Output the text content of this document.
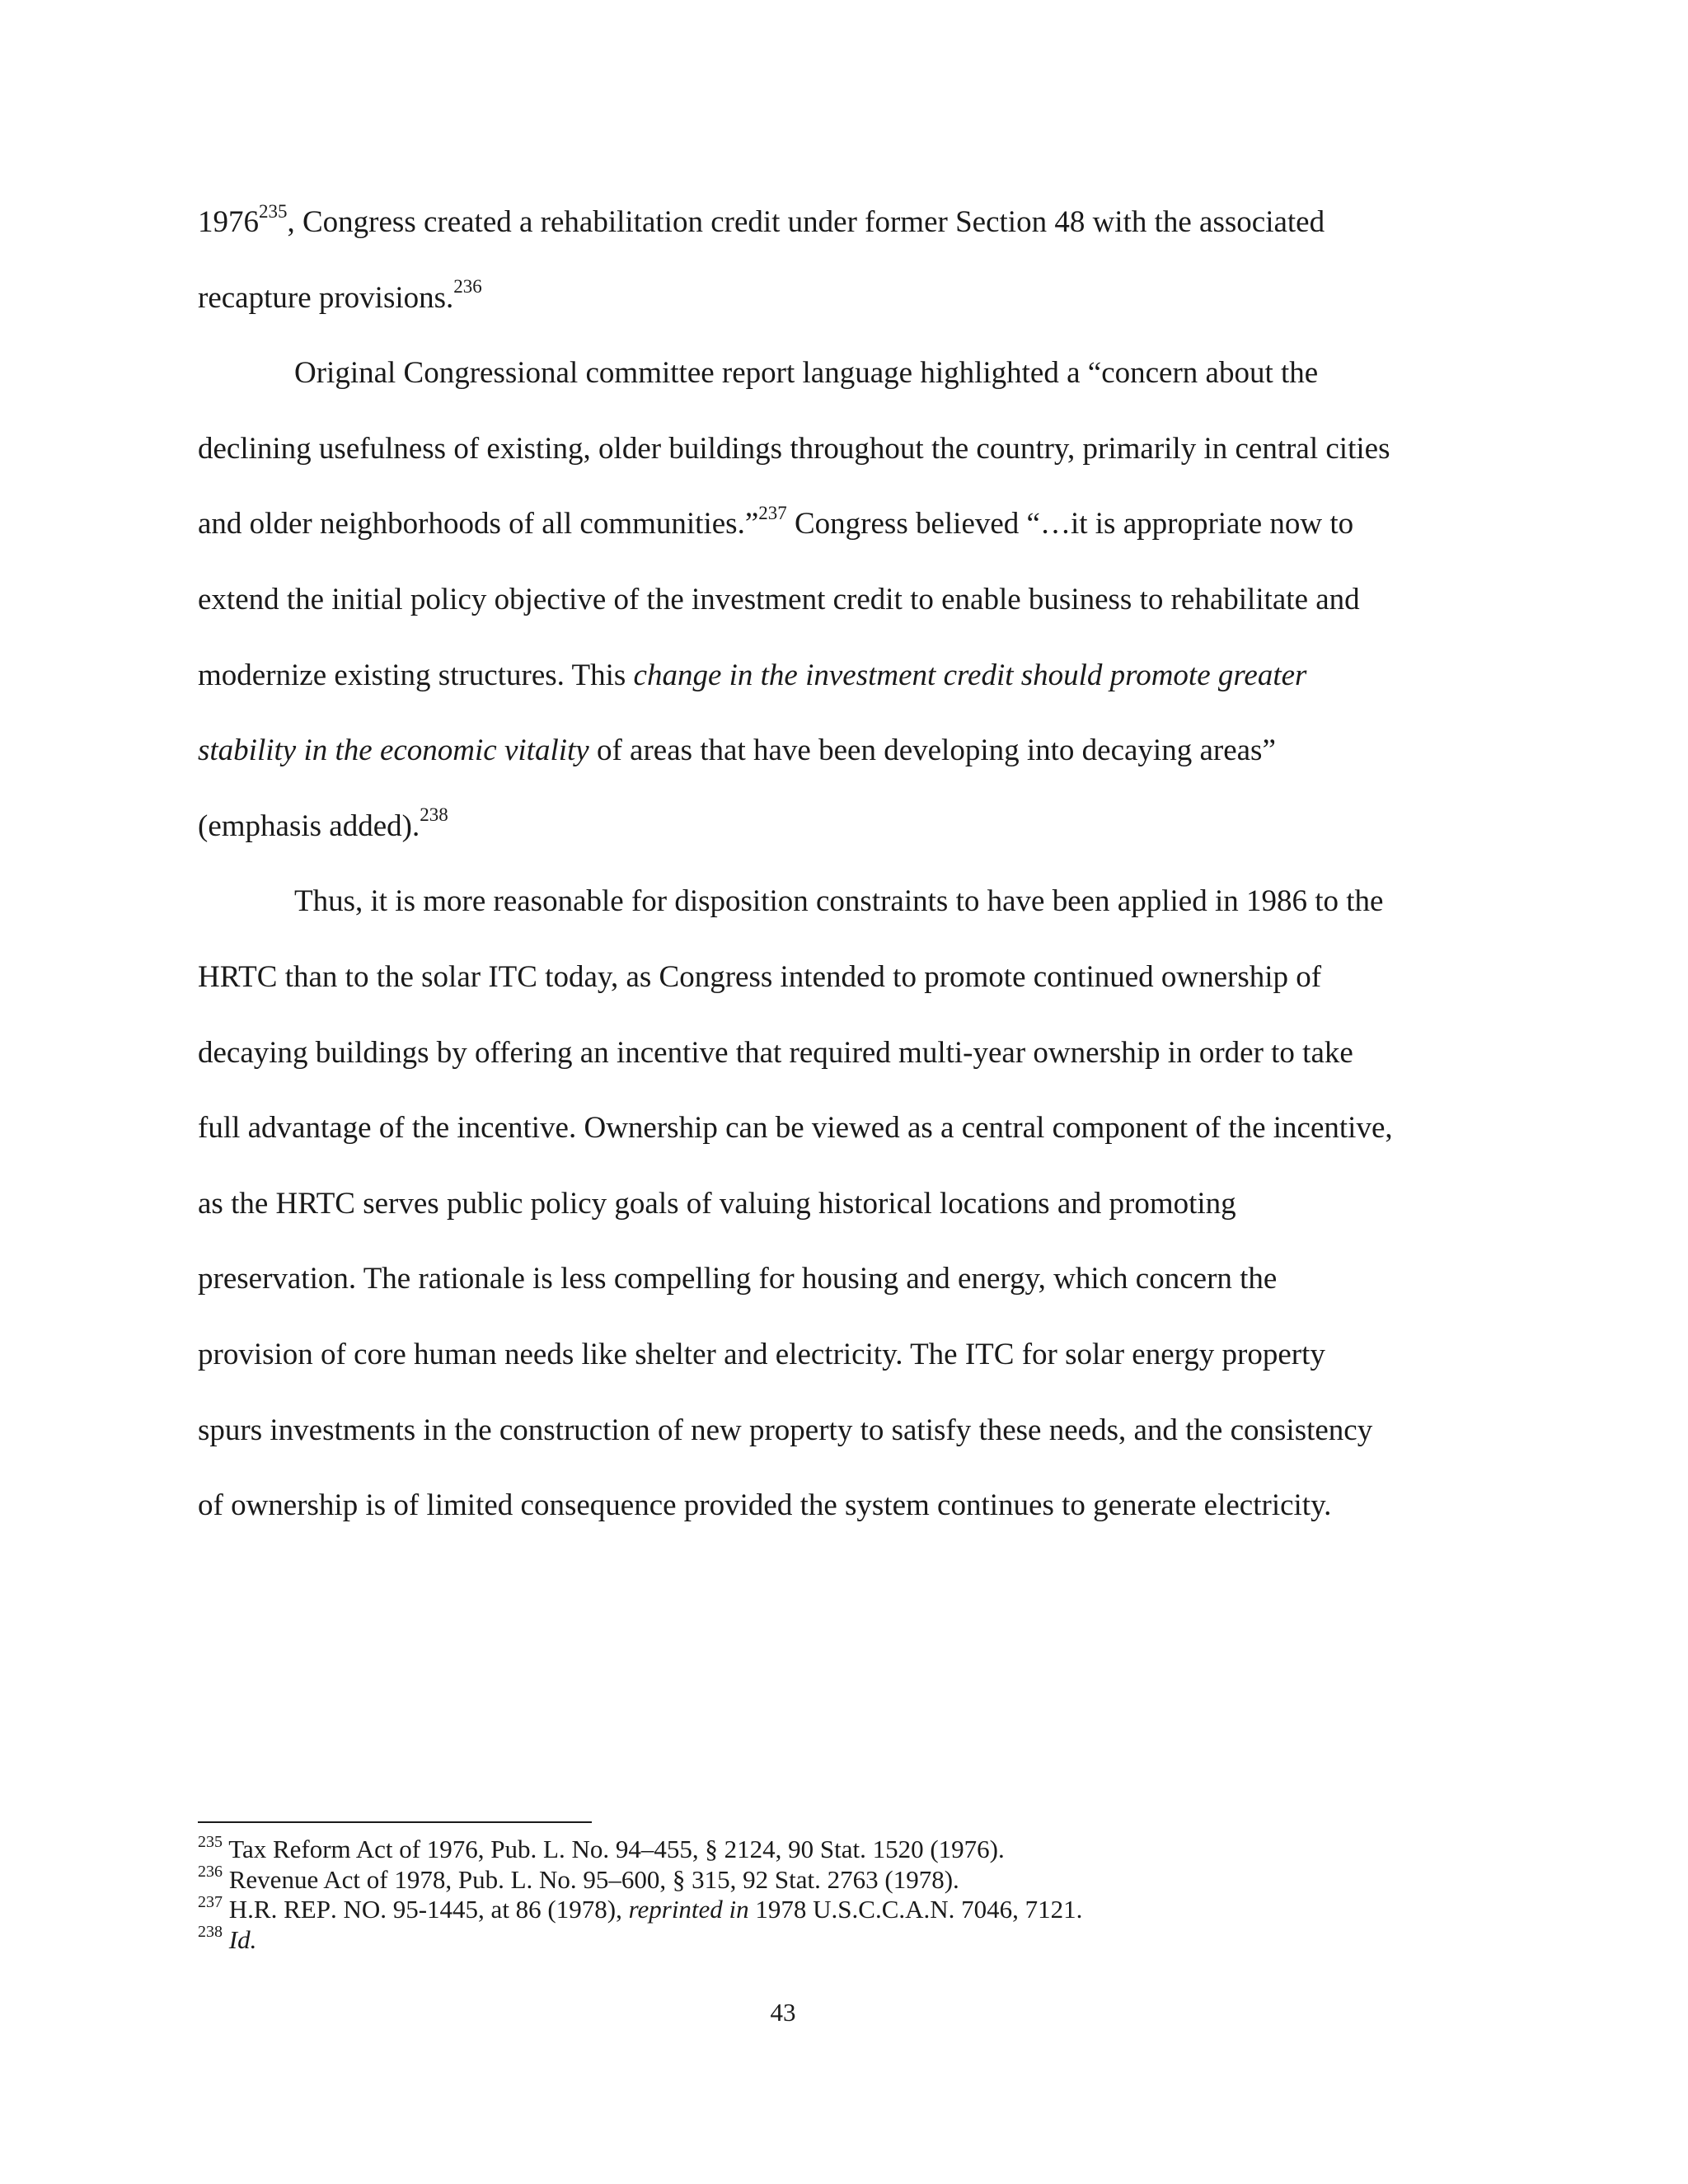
1976$^{235}$, Congress created a rehabilitation credit under former Section 48 with the associated recapture provisions.$^{236}$

Original Congressional committee report language highlighted a “concern about the declining usefulness of existing, older buildings throughout the country, primarily in central cities and older neighborhoods of all communities.”$^{237}$ Congress believed “…it is appropriate now to extend the initial policy objective of the investment credit to enable business to rehabilitate and modernize existing structures. This change in the investment credit should promote greater stability in the economic vitality of areas that have been developing into decaying areas” (emphasis added).$^{238}$

Thus, it is more reasonable for disposition constraints to have been applied in 1986 to the HRTC than to the solar ITC today, as Congress intended to promote continued ownership of decaying buildings by offering an incentive that required multi-year ownership in order to take full advantage of the incentive. Ownership can be viewed as a central component of the incentive, as the HRTC serves public policy goals of valuing historical locations and promoting preservation. The rationale is less compelling for housing and energy, which concern the provision of core human needs like shelter and electricity. The ITC for solar energy property spurs investments in the construction of new property to satisfy these needs, and the consistency of ownership is of limited consequence provided the system continues to generate electricity.

$^{235}$ Tax Reform Act of 1976, Pub. L. No. 94–455, § 2124, 90 Stat. 1520 (1976).

$^{236}$ Revenue Act of 1978, Pub. L. No. 95–600, § 315, 92 Stat. 2763 (1978).

$^{237}$ H.R. REP. NO. 95-1445, at 86 (1978), reprinted in 1978 U.S.C.C.A.N. 7046, 7121.

$^{238}$ Id.

43
